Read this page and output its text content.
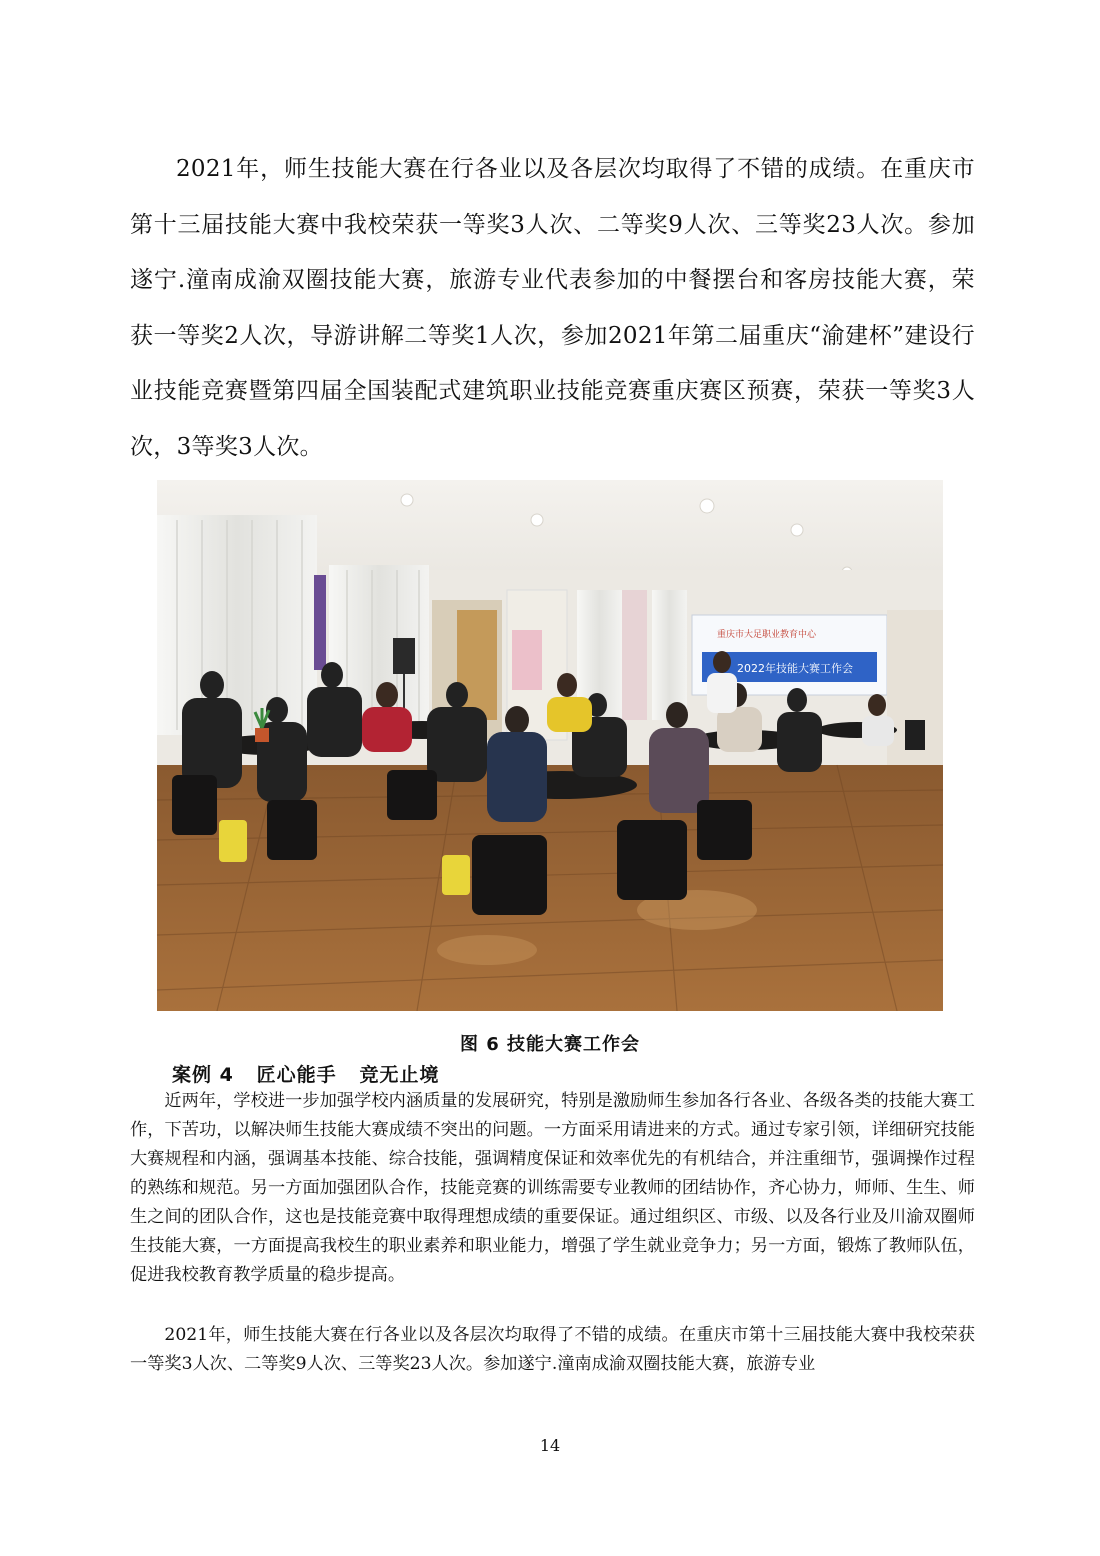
2021年，师生技能大赛在行各业以及各层次均取得了不错的成绩。在重庆市第十三届技能大赛中我校荣获一等奖3人次、二等奖9人次、三等奖23人次。参加遂宁.潼南成渝双圈技能大赛，旅游专业代表参加的中餐摆台和客房技能大赛，荣获一等奖2人次，导游讲解二等奖1人次，参加2021年第二届重庆“渝建杯”建设行业技能竞赛暨第四届全国装配式建筑职业技能竞赛重庆赛区预赛，荣获一等奖3人次，3等奖3人次。

重庆市大足职业教育中心
2022年技能大赛工作会

图 6 技能大赛工作会

案例 4   匠心能手   竞无止境

近两年，学校进一步加强学校内涵质量的发展研究，特别是激励师生参加各行各业、各级各类的技能大赛工作，下苦功，以解决师生技能大赛成绩不突出的问题。一方面采用请进来的方式。通过专家引领，详细研究技能大赛规程和内涵，强调基本技能、综合技能，强调精度保证和效率优先的有机结合，并注重细节，强调操作过程的熟练和规范。另一方面加强团队合作，技能竞赛的训练需要专业教师的团结协作，齐心协力，师师、生生、师生之间的团队合作，这也是技能竞赛中取得理想成绩的重要保证。通过组织区、市级、以及各行业及川渝双圈师生技能大赛，一方面提高我校生的职业素养和职业能力，增强了学生就业竞争力；另一方面，锻炼了教师队伍，促进我校教育教学质量的稳步提高。

2021年，师生技能大赛在行各业以及各层次均取得了不错的成绩。在重庆市第十三届技能大赛中我校荣获一等奖3人次、二等奖9人次、三等奖23人次。参加遂宁.潼南成渝双圈技能大赛，旅游专业

14
